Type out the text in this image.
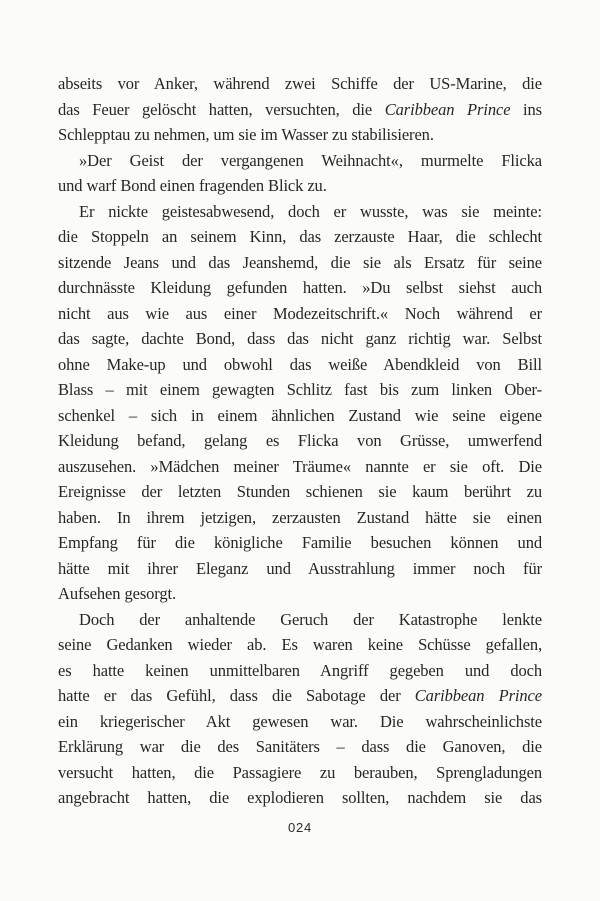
abseits vor Anker, während zwei Schiffe der US-Marine, die
das Feuer gelöscht hatten, versuchten, die Caribbean Prince ins
Schlepptau zu nehmen, um sie im Wasser zu stabilisieren.
»Der Geist der vergangenen Weihnacht«, murmelte Flicka
und warf Bond einen fragenden Blick zu.
Er nickte geistesabwesend, doch er wusste, was sie meinte:
die Stoppeln an seinem Kinn, das zerzauste Haar, die schlecht
sitzende Jeans und das Jeanshemd, die sie als Ersatz für seine
durchnässte Kleidung gefunden hatten. »Du selbst siehst auch
nicht aus wie aus einer Modezeitschrift.« Noch während er
das sagte, dachte Bond, dass das nicht ganz richtig war. Selbst
ohne Make-up und obwohl das weiße Abendkleid von Bill
Blass – mit einem gewagten Schlitz fast bis zum linken Ober-
schenkel – sich in einem ähnlichen Zustand wie seine eigene
Kleidung befand, gelang es Flicka von Grüsse, umwerfend
auszusehen. »Mädchen meiner Träume« nannte er sie oft. Die
Ereignisse der letzten Stunden schienen sie kaum berührt zu
haben. In ihrem jetzigen, zerzausten Zustand hätte sie einen
Empfang für die königliche Familie besuchen können und
hätte mit ihrer Eleganz und Ausstrahlung immer noch für
Aufsehen gesorgt.
Doch der anhaltende Geruch der Katastrophe lenkte
seine Gedanken wieder ab. Es waren keine Schüsse gefallen,
es hatte keinen unmittelbaren Angriff gegeben und doch
hatte er das Gefühl, dass die Sabotage der Caribbean Prince
ein kriegerischer Akt gewesen war. Die wahrscheinlichste
Erklärung war die des Sanitäters – dass die Ganoven, die
versucht hatten, die Passagiere zu berauben, Sprengladungen
angebracht hatten, die explodieren sollten, nachdem sie das
024
